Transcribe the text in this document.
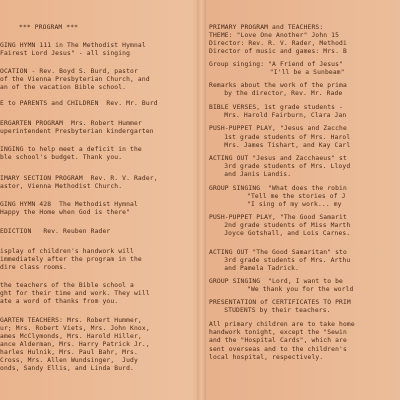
*** PROGRAM ***
GING HYMN 111 in The Methodist Hymnal
Fairest Lord Jesus" - all singing
OCATION - Rev. Boyd S. Burd, pastor
of the Vienna Presbyterian Church, and
an of the vacation Bible school.
E to PARENTS and CHILDREN  Rev. Mr. Burd
ERGARTEN PROGRAM  Mrs. Robert Hummer
uperintendent Presbyterian kindergarten
INGING to help meet a deficit in the
ble school's budget. Thank you.
IMARY SECTION PROGRAM  Rev. R. V. Rader,
astor, Vienna Methodist Church.
GING HYMN 428  The Methodist Hymnal
Happy the Home when God is there"
EDICTION   Rev. Reuben Rader
isplay of children's handwork will
immediately after the program in the
dire class rooms.
the teachers of the Bible school a
ght for their time and work. They will
ate a word of thanks from you.
GARTEN TEACHERS: Mrs. Robert Hummer,
ur; Mrs. Robert Viets, Mrs. John Knox,
ames McClymonds, Mrs. Harold Hiller,
ance Alderman, Mrs. Harry Patrick Jr.,
harles Hulnik, Mrs. Paul Bahr, Mrs.
Cross, Mrs. Allen Wundsinger,  Judy
onds, Sandy Ellis, and Linda Burd.
PRIMARY PROGRAM and TEACHERS:
THEME: "Love One Another" John 15
Director: Rev. R. V. Rader, Methodi
Director of music and games: Mrs. B
Group singing: "A Friend of Jesus"
"I'll be a Sunbeam"
Remarks about the work of the prima
by the director, Rev. Mr. Rade
BIBLE VERSES, 1st grade students -
Mrs. Harold Fairburn, Clara Jan
PUSH-PUPPET PLAY, "Jesus and Zacche
1st grade students of Mrs. Harol
Mrs. James Tishart, and Kay Carl
ACTING OUT "Jesus and Zacchaeus" st
3rd grade students of Mrs. Lloyd
and Janis Landis.
GROUP SINGING  "What does the robin
"Tell me the stories of J
"I sing of my work... my
PUSH-PUPPET PLAY, "The Good Samarit
2nd grade students of Miss Marth
Joyce Gotshall, and Lois Carnes.
ACTING OUT "The Good Samaritan" sto
3rd grade students of Mrs. Arthu
and Pamela Tadrick.
GROUP SINGING  "Lord, I want to be
"We thank you for the world
PRESENTATION of CERTIFICATES TO PRIM
STUDENTS by their teachers.
All primary children are to take home
handwork tonight, except the "Sewin
and the "Hospital Cards", which are
sent overseas and to the children's
local hospital, respectively.
